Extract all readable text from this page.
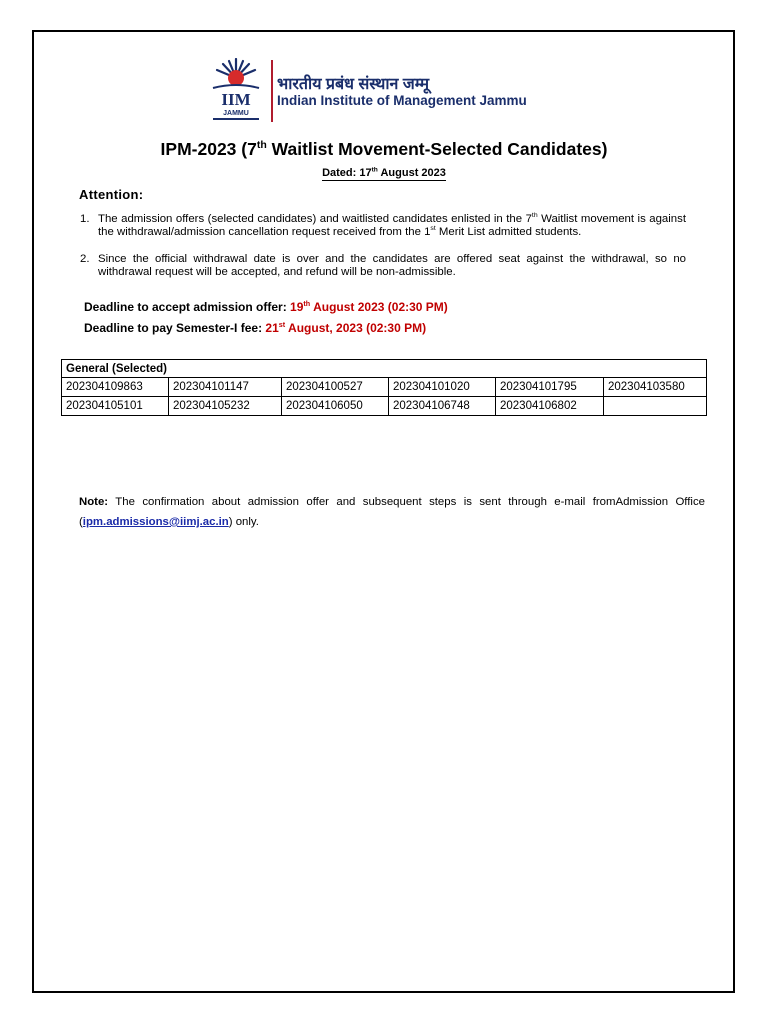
IIM
JAMMU
भारतीय प्रबंध संस्थान जम्मू
Indian Institute of Management Jammu
IPM-2023 (7th Waitlist Movement-Selected Candidates)
Dated: 17th August 2023
Attention:
1. The admission offers (selected candidates) and waitlisted candidates enlisted in the 7th Waitlist movement is against the withdrawal/admission cancellation request received from the 1st Merit List admitted students.
2. Since the official withdrawal date is over and the candidates are offered seat against the withdrawal, so no withdrawal request will be accepted, and refund will be non-admissible.
Deadline to accept admission offer: 19th August 2023 (02:30 PM)
Deadline to pay Semester-I fee: 21st August, 2023 (02:30 PM)
General (Selected)					
202304109863	202304101147	202304100527	202304101020	202304101795	202304103580
202304105101	202304105232	202304106050	202304106748	202304106802	
Note: The confirmation about admission offer and subsequent steps is sent through e-mail fromAdmission Office (ipm.admissions@iimj.ac.in) only.
